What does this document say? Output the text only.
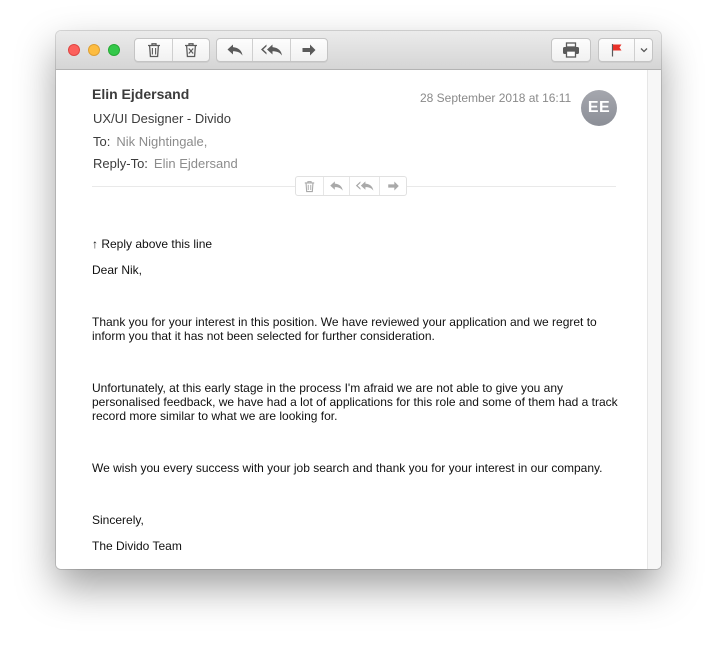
Elin Ejdersand	28 September 2018 at 16:11
EE
UX/UI Designer - Divido
To: Nik Nightingale,
Reply-To: Elin Ejdersand

↑ Reply above this line

Dear Nik,

Thank you for your interest in this position. We have reviewed your application and we regret to inform you that it has not been selected for further consideration.

Unfortunately, at this early stage in the process I'm afraid we are not able to give you any personalised feedback, we have had a lot of applications for this role and some of them had a track record more similar to what we are looking for.

We wish you every success with your job search and thank you for your interest in our company.

Sincerely,

The Divido Team
